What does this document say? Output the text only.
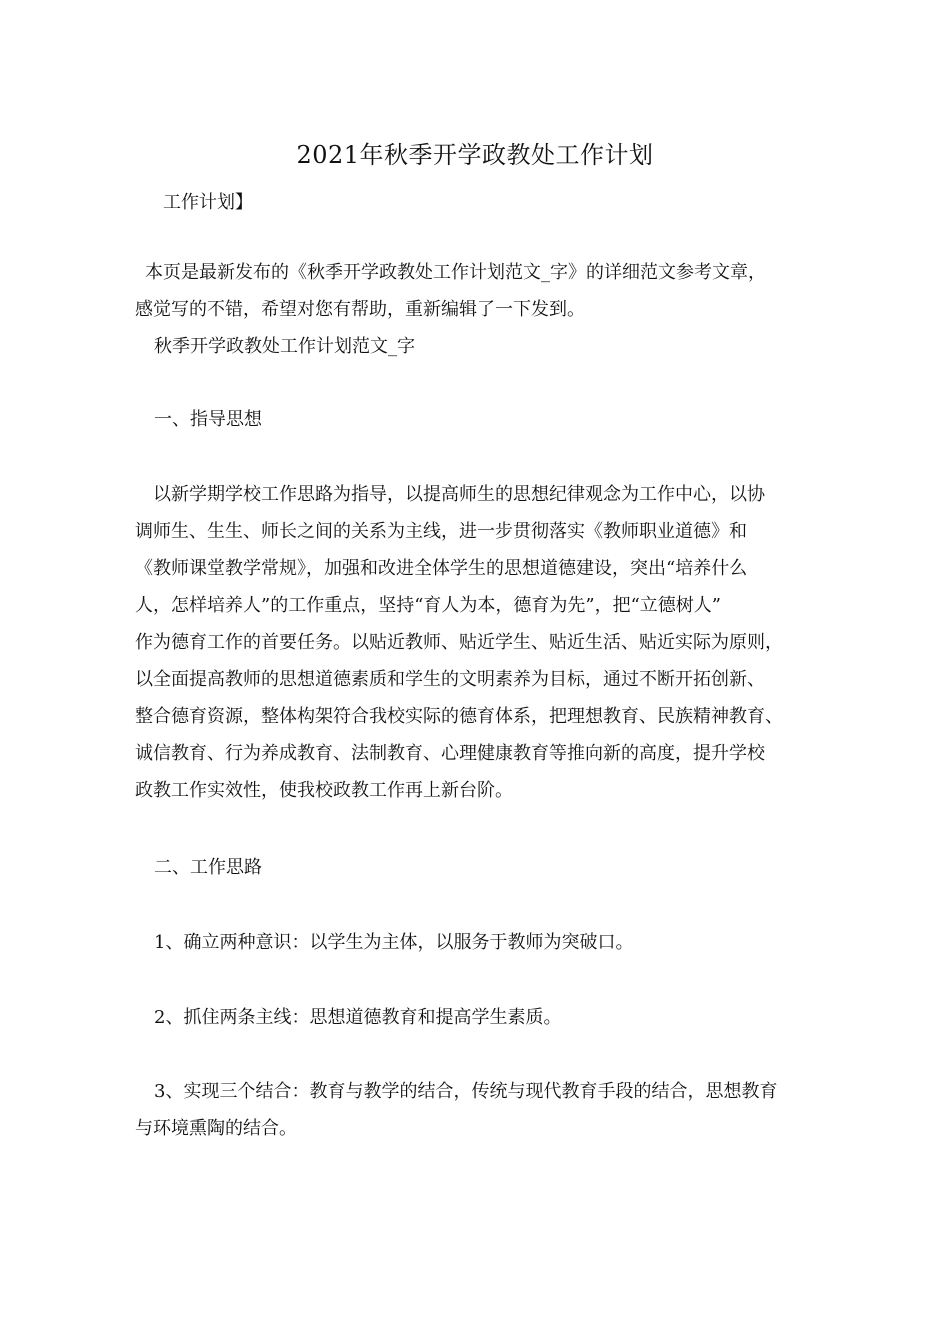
2021年秋季开学政教处工作计划
工作计划】
本页是最新发布的《秋季开学政教处工作计划范文_字》的详细范文参考文章，
感觉写的不错，希望对您有帮助，重新编辑了一下发到。
秋季开学政教处工作计划范文_字
一、指导思想
以新学期学校工作思路为指导，以提高师生的思想纪律观念为工作中心，以协
调师生、生生、师长之间的关系为主线，进一步贯彻落实《教师职业道德》和
《教师课堂教学常规》，加强和改进全体学生的思想道德建设，突出“培养什么
人，怎样培养人”的工作重点，坚持“育人为本，德育为先”，把“立德树人”
作为德育工作的首要任务。以贴近教师、贴近学生、贴近生活、贴近实际为原则，
以全面提高教师的思想道德素质和学生的文明素养为目标，通过不断开拓创新、
整合德育资源，整体构架符合我校实际的德育体系，把理想教育、民族精神教育、
诚信教育、行为养成教育、法制教育、心理健康教育等推向新的高度，提升学校
政教工作实效性，使我校政教工作再上新台阶。
二、工作思路
1、确立两种意识：以学生为主体，以服务于教师为突破口。
2、抓住两条主线：思想道德教育和提高学生素质。
3、实现三个结合：教育与教学的结合，传统与现代教育手段的结合，思想教育
与环境熏陶的结合。
